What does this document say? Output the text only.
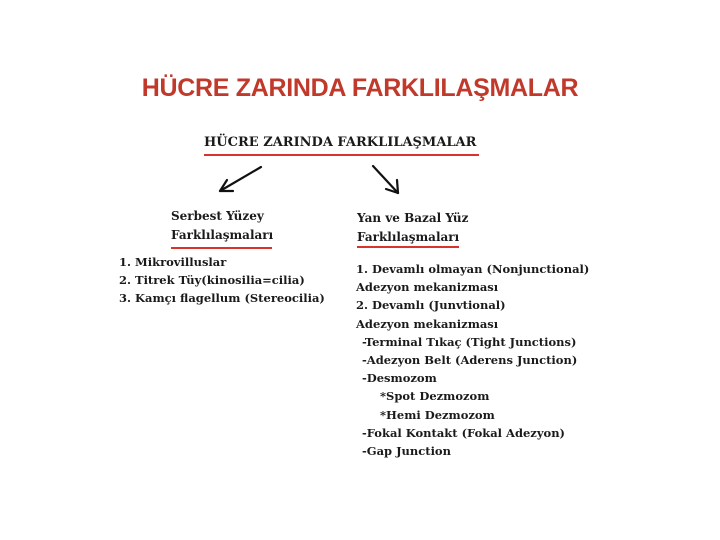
HÜCRE ZARINDA FARKLILAŞMALAR
HÜCRE ZARINDA FARKLILAŞMALAR
Serbest Yüzey
Farklılaşmaları
1. Mikrovilluslar
2. Titrek Tüy(kinosilia=cilia)
3. Kamçı flagellum (Stereocilia)
Yan ve Bazal Yüz
Farklılaşmaları
1. Devamlı olmayan (Nonjunctional)
Adezyon mekanizması
2. Devamlı (Junvtional)
Adezyon mekanizması
-Terminal Tıkaç (Tight Junctions)
-Adezyon Belt (Aderens Junction)
-Desmozom
*Spot Dezmozom
*Hemi Dezmozom
-Fokal Kontakt (Fokal Adezyon)
-Gap Junction
